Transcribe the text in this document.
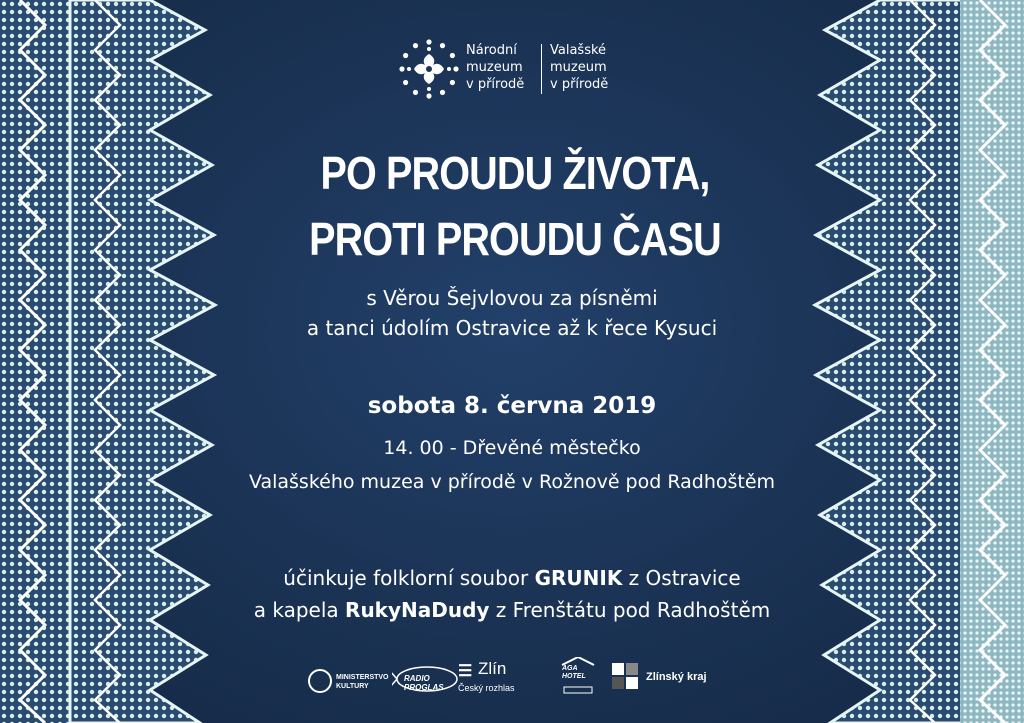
Národní
muzeum
v přírodě
Valašské
muzeum
v přírodě
PO PROUDU ŽIVOTA,
PROTI PROUDU ČASU
s Věrou Šejvlovou za písněmi
a tanci údolím Ostravice až k řece Kysuci
sobota 8. června 2019
14. 00 - Dřevěné městečko
Valašského muzea v přírodě v Rožnově pod Radhoštěm
účinkuje folklorní soubor GRUNIK z Ostravice
a kapela RukyNaDudy z Frenštátu pod Radhoštěm
MINISTERSTVO
KULTURY
RADIO PROGLAS
☰ Zlín
Český rozhlas
AGA HOTEL	Zlínský kraj
